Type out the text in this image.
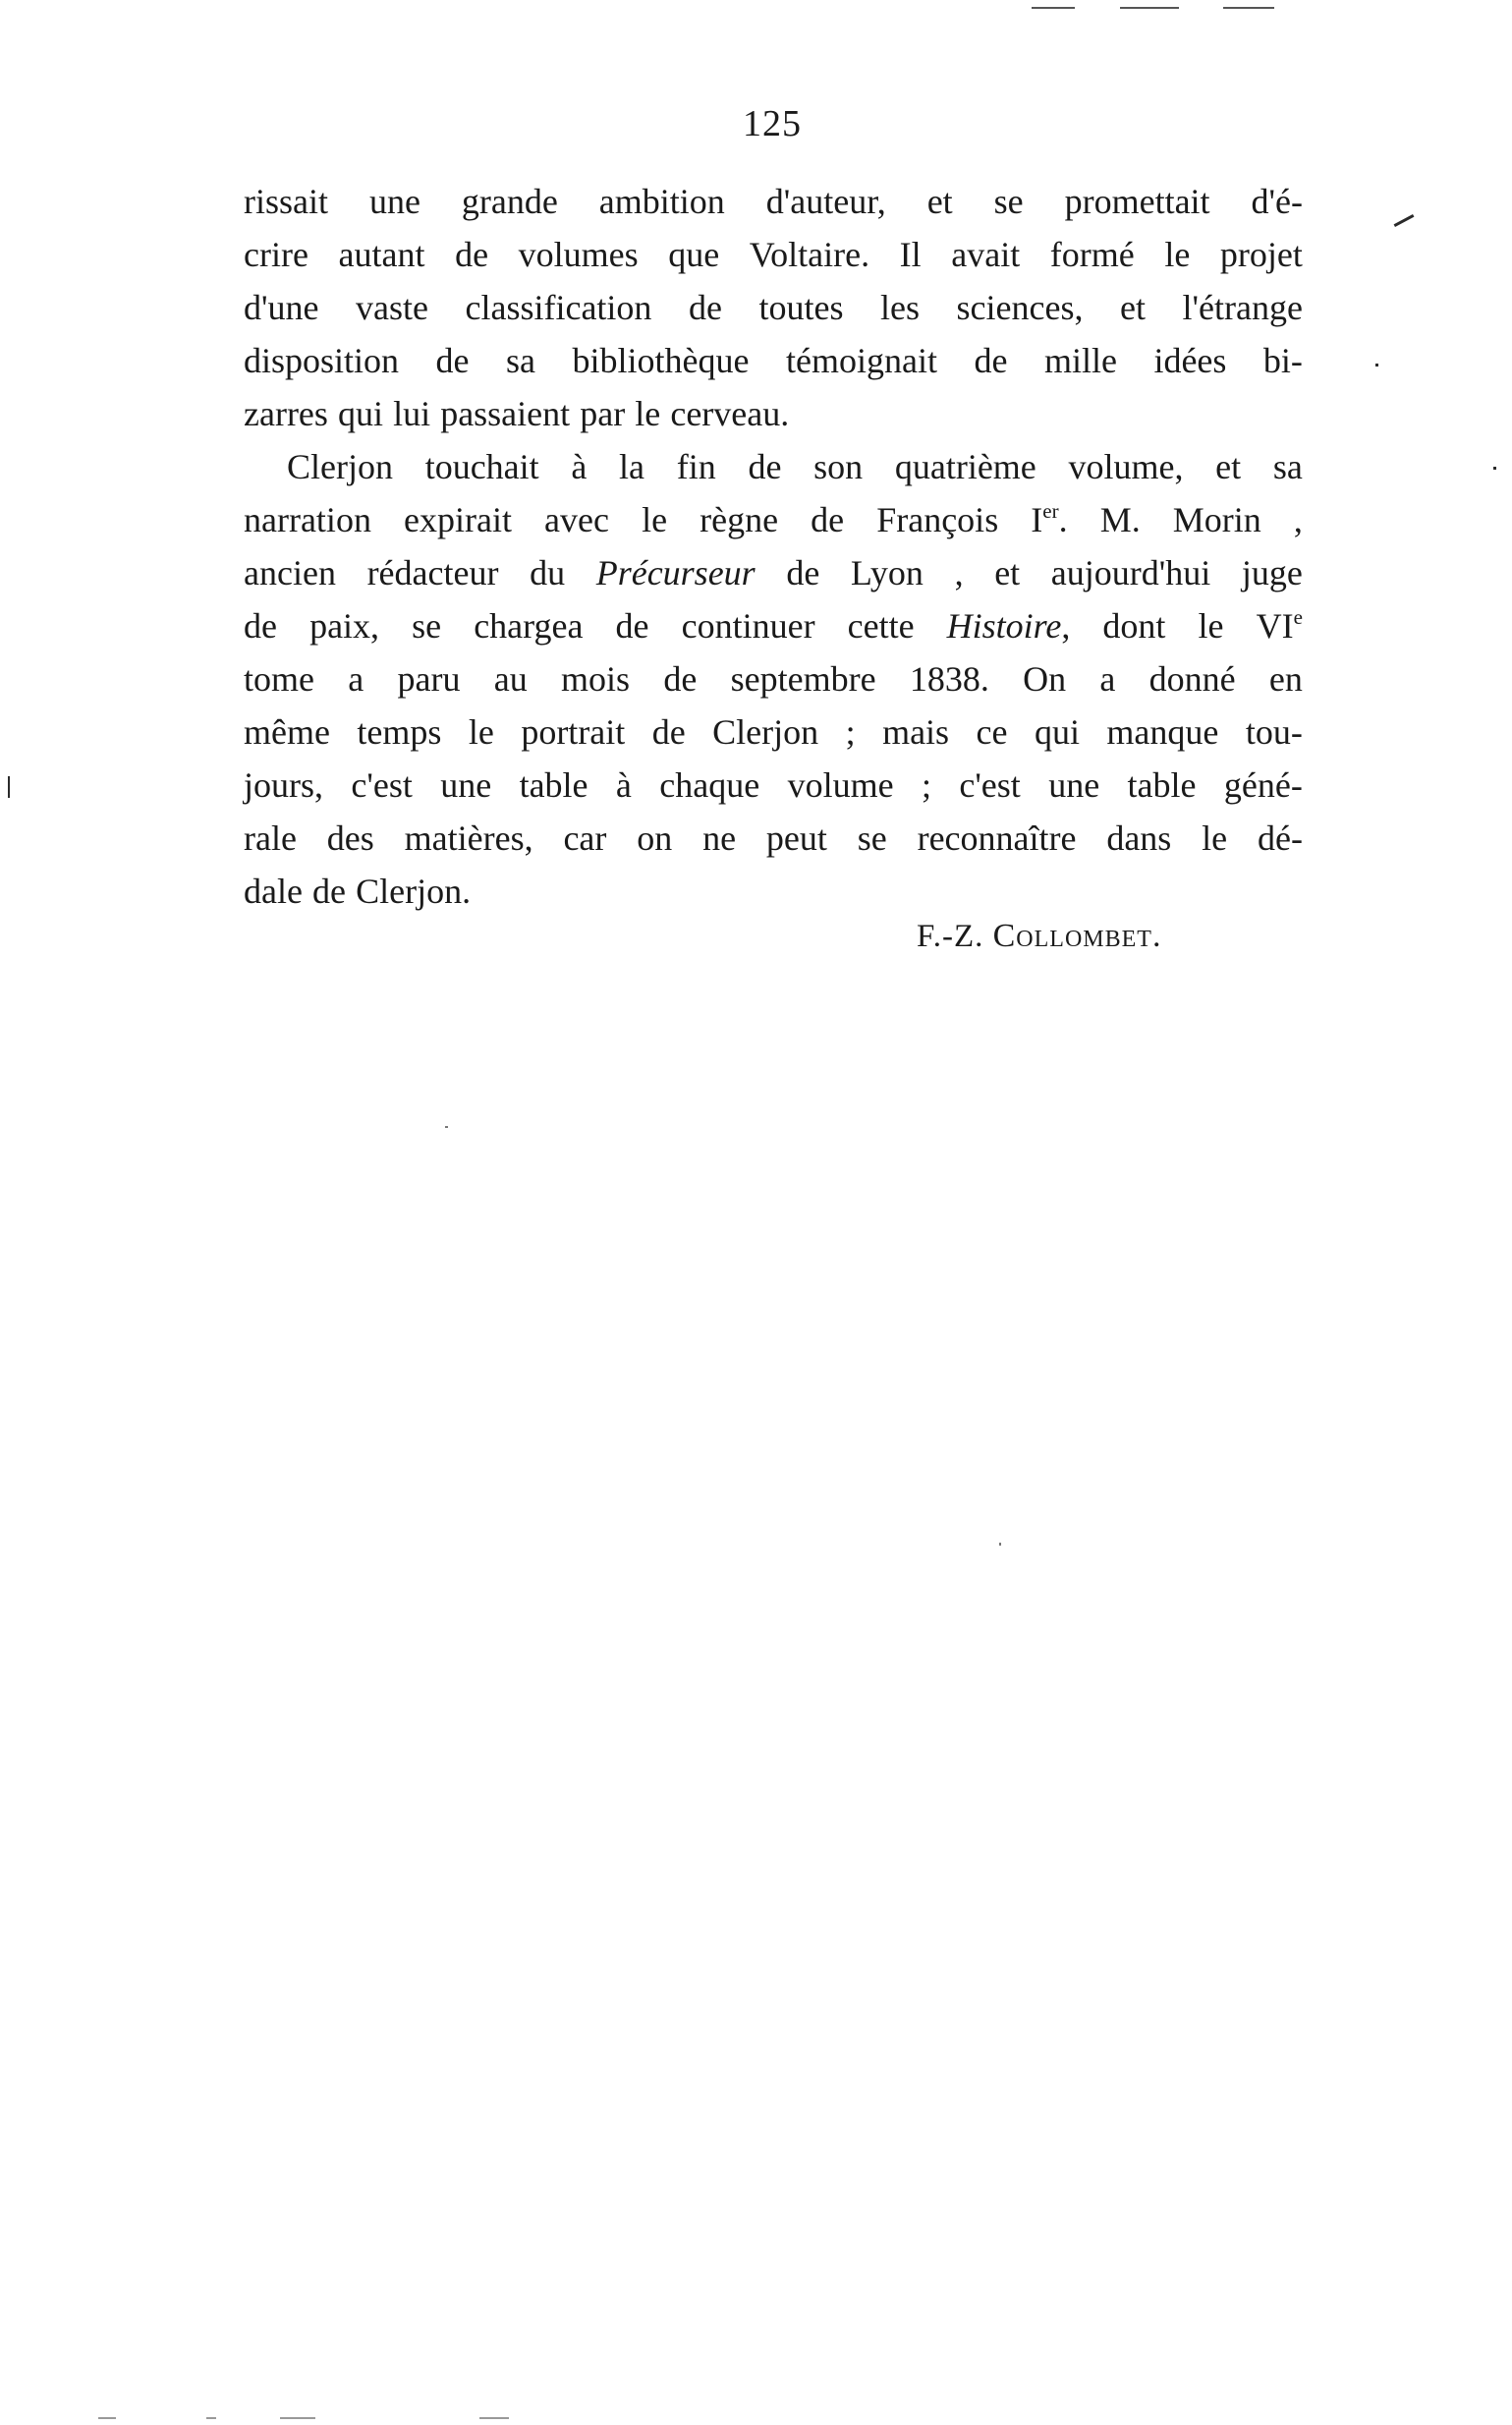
125
rissait une grande ambition d'auteur, et se promettait d'é-
crire autant de volumes que Voltaire. Il avait formé le projet
d'une vaste classification de toutes les sciences, et l'étrange
disposition de sa bibliothèque témoignait de mille idées bi-
zarres qui lui passaient par le cerveau.
Clerjon touchait à la fin de son quatrième volume, et sa
narration expirait avec le règne de François Ier. M. Morin ,
ancien rédacteur du Précurseur de Lyon , et aujourd'hui juge
de paix, se chargea de continuer cette Histoire, dont le VIe
tome a paru au mois de septembre 1838. On a donné en
même temps le portrait de Clerjon ; mais ce qui manque tou-
jours, c'est une table à chaque volume ; c'est une table géné-
rale des matières, car on ne peut se reconnaître dans le dé-
dale de Clerjon.
F.-Z. Collombet.
